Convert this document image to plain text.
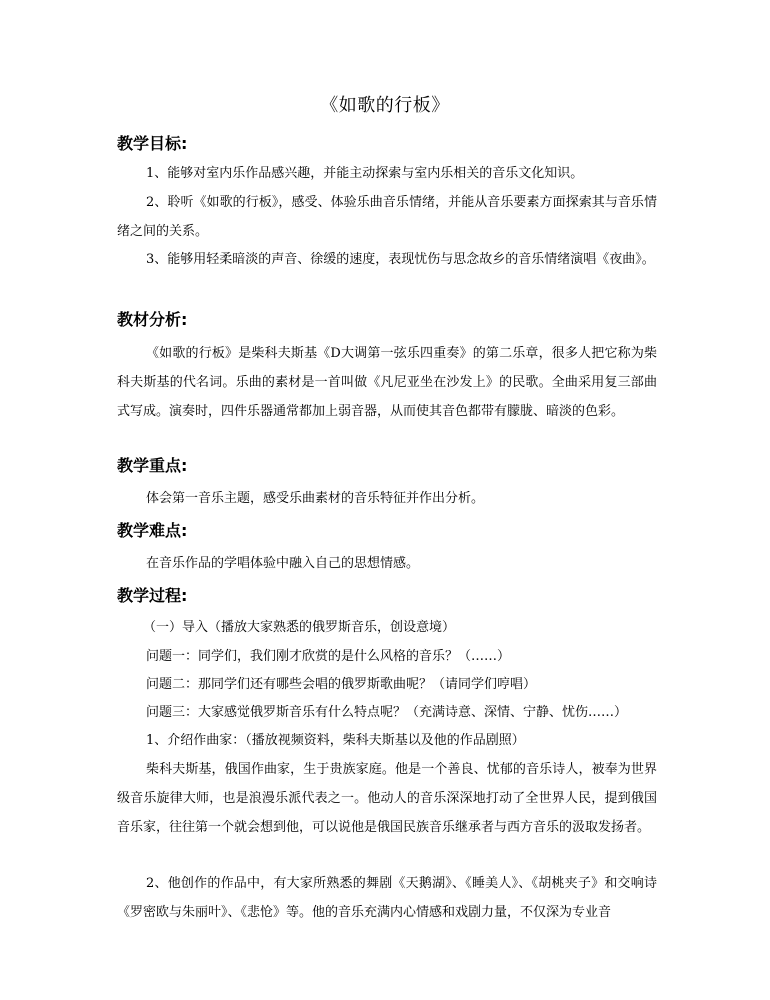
《如歌的行板》
教学目标:
1、能够对室内乐作品感兴趣，并能主动探索与室内乐相关的音乐文化知识。
2、聆听《如歌的行板》，感受、体验乐曲音乐情绪，并能从音乐要素方面探索其与音乐情绪之间的关系。
3、能够用轻柔暗淡的声音、徐缓的速度，表现忧伤与思念故乡的音乐情绪演唱《夜曲》。
教材分析:
《如歌的行板》是柴科夫斯基《D大调第一弦乐四重奏》的第二乐章，很多人把它称为柴科夫斯基的代名词。乐曲的素材是一首叫做《凡尼亚坐在沙发上》的民歌。全曲采用复三部曲式写成。演奏时，四件乐器通常都加上弱音器，从而使其音色都带有朦胧、暗淡的色彩。
教学重点:
体会第一音乐主题，感受乐曲素材的音乐特征并作出分析。
教学难点:
在音乐作品的学唱体验中融入自己的思想情感。
教学过程:
（一）导入（播放大家熟悉的俄罗斯音乐，创设意境）
问题一：同学们，我们刚才欣赏的是什么风格的音乐？（……）
问题二：那同学们还有哪些会唱的俄罗斯歌曲呢？（请同学们哼唱）
问题三：大家感觉俄罗斯音乐有什么特点呢？（充满诗意、深情、宁静、忧伤……）
1、介绍作曲家：（播放视频资料，柴科夫斯基以及他的作品剧照）
柴科夫斯基，俄国作曲家，生于贵族家庭。他是一个善良、忧郁的音乐诗人，被奉为世界级音乐旋律大师，也是浪漫乐派代表之一。他动人的音乐深深地打动了全世界人民，提到俄国音乐家，往往第一个就会想到他，可以说他是俄国民族音乐继承者与西方音乐的汲取发扬者。
2、他创作的作品中，有大家所熟悉的舞剧《天鹅湖》、《睡美人》、《胡桃夹子》和交响诗《罗密欧与朱丽叶》、《悲怆》等。他的音乐充满内心情感和戏剧力量，不仅深为专业音
